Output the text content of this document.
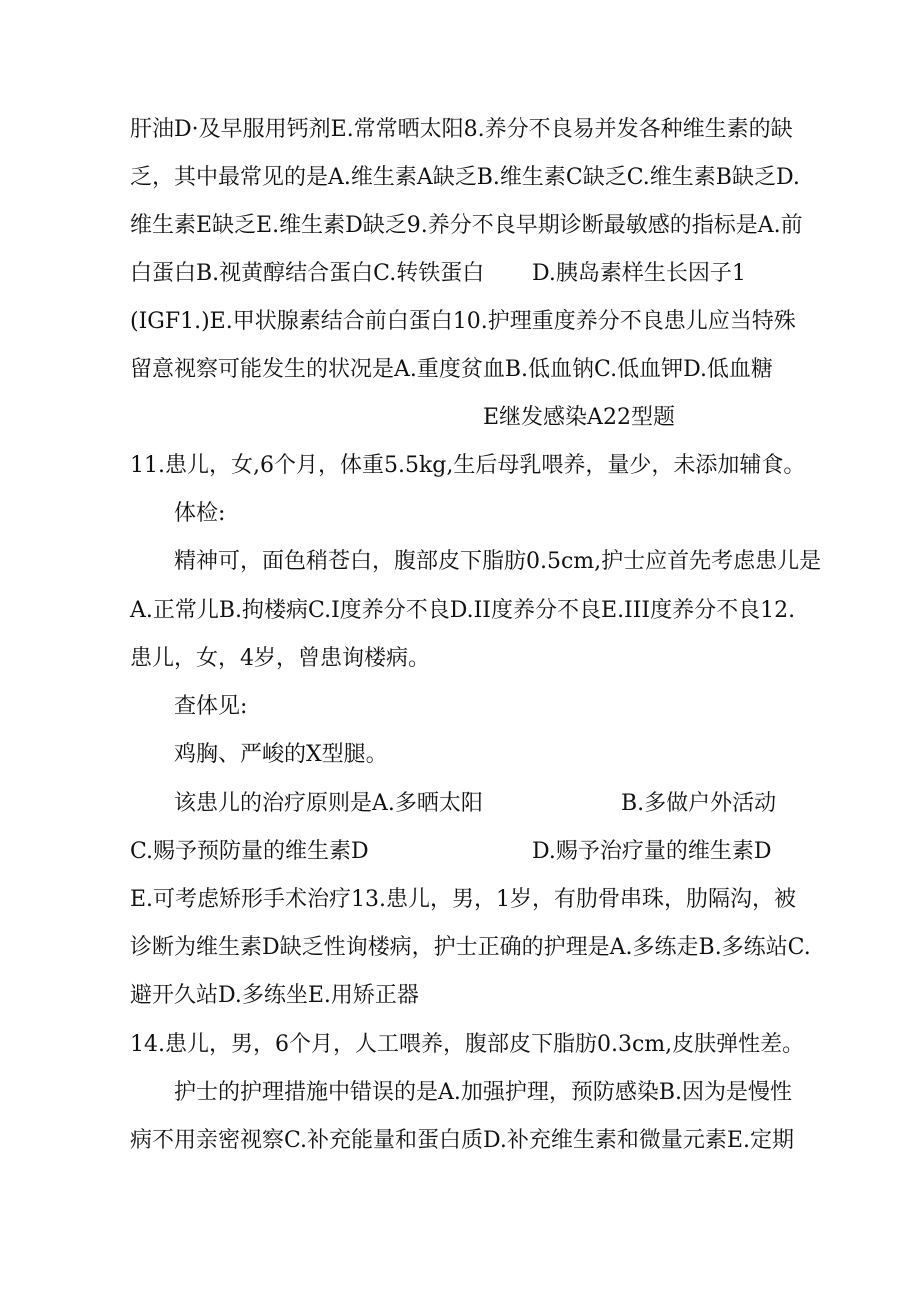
肝油D·及早服用钙剂E.常常晒太阳8.养分不良易并发各种维生素的缺
乏，其中最常见的是A.维生素A缺乏B.维生素C缺乏C.维生素B缺乏D.
维生素E缺乏E.维生素D缺乏9.养分不良早期诊断最敏感的指标是A.前
白蛋白B.视黄醇结合蛋白C.转铁蛋白 D.胰岛素样生长因子1
(IGF1.)E.甲状腺素结合前白蛋白10.护理重度养分不良患儿应当特殊
留意视察可能发生的状况是A.重度贫血B.低血钠C.低血钾D.低血糖
E继发感染A22型题
11.患儿，女,6个月，体重5.5kg,生后母乳喂养，量少，未添加辅食。
体检:
精神可，面色稍苍白，腹部皮下脂肪0.5cm,护士应首先考虑患儿是
A.正常儿B.拘楼病C.I度养分不良D.II度养分不良E.III度养分不良12.
患儿，女，4岁，曾患询楼病。
查体见:
鸡胸、严峻的X型腿。
该患儿的治疗原则是A.多晒太阳	B.多做户外活动
C.赐予预防量的维生素D	D.赐予治疗量的维生素D
E.可考虑矫形手术治疗13.患儿，男，1岁，有肋骨串珠，肋隔沟，被
诊断为维生素D缺乏性询楼病，护士正确的护理是A.多练走B.多练站C.
避开久站D.多练坐E.用矫正器
14.患儿，男，6个月，人工喂养，腹部皮下脂肪0.3cm,皮肤弹性差。
护士的护理措施中错误的是A.加强护理，预防感染B.因为是慢性
病不用亲密视察C.补充能量和蛋白质D.补充维生素和微量元素E.定期
